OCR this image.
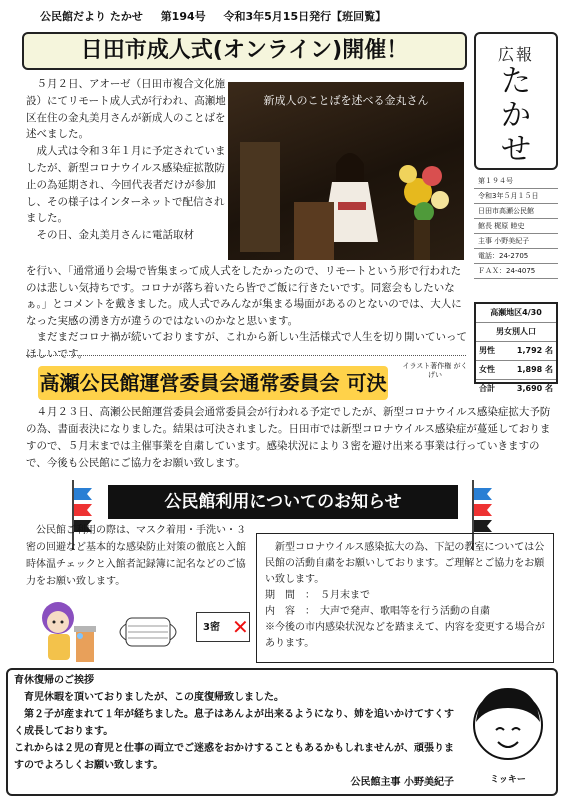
公民館だより たかせ 第194号 令和3年5月15日発行【班回覧】
日田市成人式(オンライン)開催！	広報
た
か
せ
第１９４号
令和3年５月１５日
日田市高瀬公民館
館長 梶原 睦史
主事 小野美紀子
電話：24-2705
ＦＡＸ：24-4075
高瀬地区4/30
男女別人口
男性	1,792 名
女性	1,898 名
合計	3,690 名

５月２日、アオーゼ（日田市複合文化施設）にてリモート成人式が行われ、高瀬地区在住の金丸美月さんが新成人のことばを述べました。

成人式は令和３年１月に予定されていましたが、新型コロナウイルス感染症拡散防止の為延期され、今回代表者だけが参加し、その様子はインターネットで配信されました。

その日、金丸美月さんに電話取材

新成人のことばを述べる金丸さん

を行い、「通常通り会場で皆集まって成人式をしたかったので、リモートという形で行われたのは悲しい気持ちです。コロナが落ち着いたら皆でご飯に行きたいです。同窓会もしたいなぁ。」とコメントを戴きました。成人式でみんなが集まる場面があるのとないのでは、大人になった実感の湧き方が違うのではないのかなと思います。

まだまだコロナ禍が続いておりますが、これから新しい生活様式で人生を切り開いていってほしいです。

高瀬公民館運営委員会通常委員会 可決
イラスト著作権 がくげい

４月２３日、高瀬公民館運営委員会通常委員会が行われる予定でしたが、新型コロナウイルス感染症拡大予防の為、書面表決になりました。結果は可決されました。日田市では新型コロナウイルス感染症が蔓延しておりますので、５月末までは主催事業を自粛しています。感染状況により３密を避け出来る事業は行っていきますので、今後も公民館にご協力をお願い致します。

公民館利用についてのお知らせ

公民館ご利用の際は、マスク着用・手洗い・３密の回避など基本的な感染防止対策の徹底と入館時体温チェックと入館者記録簿に記名などのご協力をお願い致します。

新型コロナウイルス感染拡大の為、下記の教室については公民館の活動自粛をお願いしております。ご理解とご協力をお願い致します。

期　間　：　５月末まで

内　容　：　大声で発声、歌唱等を行う活動の自粛

※今後の市内感染状況などを踏まえて、内容を変更する場合があります。

3密 ✕

育休復帰のご挨拶

育児休暇を頂いておりましたが、この度復帰致しました。

第２子が産まれて１年が経ちました。息子はあんよが出来るようになり、姉を追いかけてすくすく成長しております。

これからは２児の育児と仕事の両立でご迷惑をおかけすることもあるかもしれませんが、頑張りますのでよろしくお願い致します。

公民館主事 小野美紀子	ミッキー
